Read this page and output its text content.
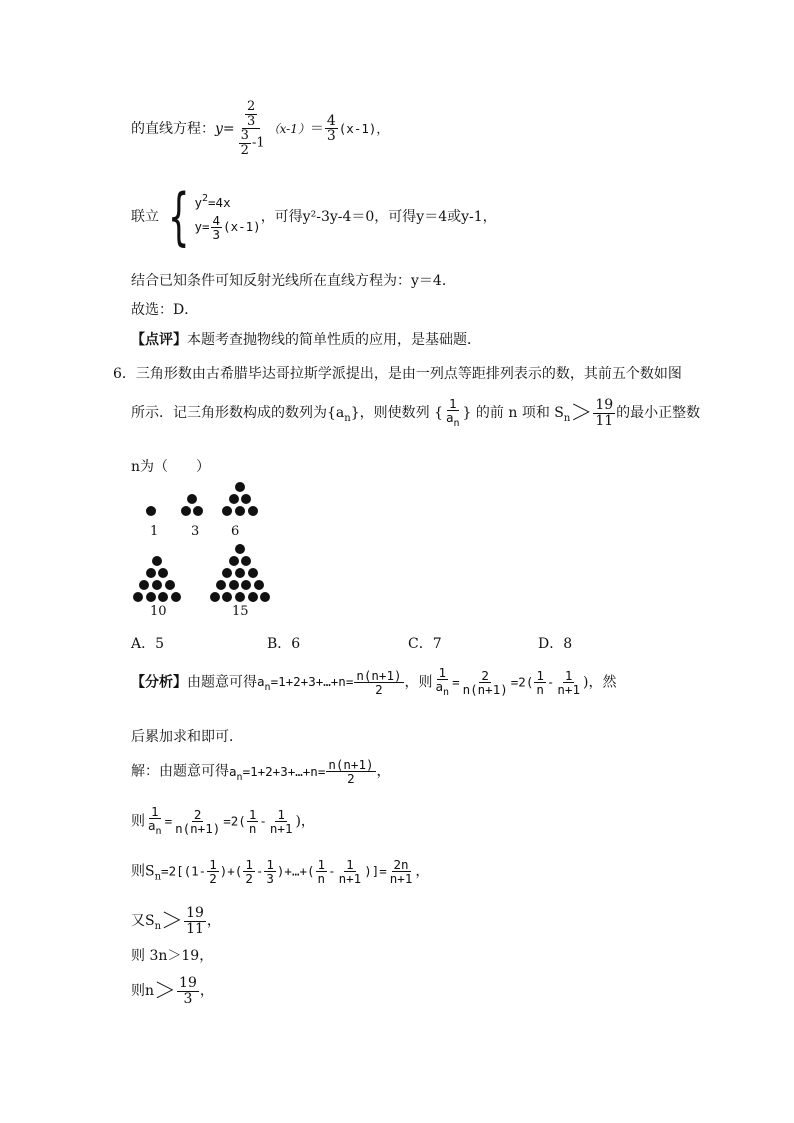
的直线方程：$y= \frac{\frac{2}{3}}{\frac{3}{2} -1} (x-1)= \frac{4}{3} (x-1)$，
联立 { $y^2=4x$
$y= \frac{4}{3} (x-1)$
，可得y²-3y-4＝0，可得y＝4或y-1，
结合已知条件可知反射光线所在直线方程为：y＝4．
故选：D．
【点评】本题考查抛物线的简单性质的应用，是基础题．
6．三角形数由古希腊毕达哥拉斯学派提出，是由一列点等距排列表示的数，其前五个数如图
所示．记三角形数构成的数列为$\{a_n\}$，则使数列 { $\frac{1}{a_n}$ } 的前 n 项和 $S_n> \frac{19}{11}$ 的最小正整数
n为（　　）
1	3 6
10	15
A．5	B．6	C．7	D．8
【分析】由题意可得$a_n=1+2+3+\dots+n= \frac{n(n+1)}{2}$ ，则 $\frac{1}{a_n} = \frac{2}{n(n+1)} =2( \frac{1}{n} - \frac{1}{n+1}$ )，然
后累加求和即可．
解：由题意可得$a_n=1+2+3+\dots+n= \frac{n(n+1)}{2}$ ，
则 $\frac{1}{a_n} = \frac{2}{n(n+1)} =2( \frac{1}{n} - \frac{1}{n+1}$ )，
则$S_n=2[(1- \frac{1}{2}$ )+( $\frac{1}{2} - \frac{1}{3}$ )+…+( $\frac{1}{n} - \frac{1}{n+1}$ )]= $\frac{2n}{n+1}$ ，
又$S_n> \frac{19}{11}$ ，
则 3n＞19，
则$n> \frac{19}{3}$ ，
